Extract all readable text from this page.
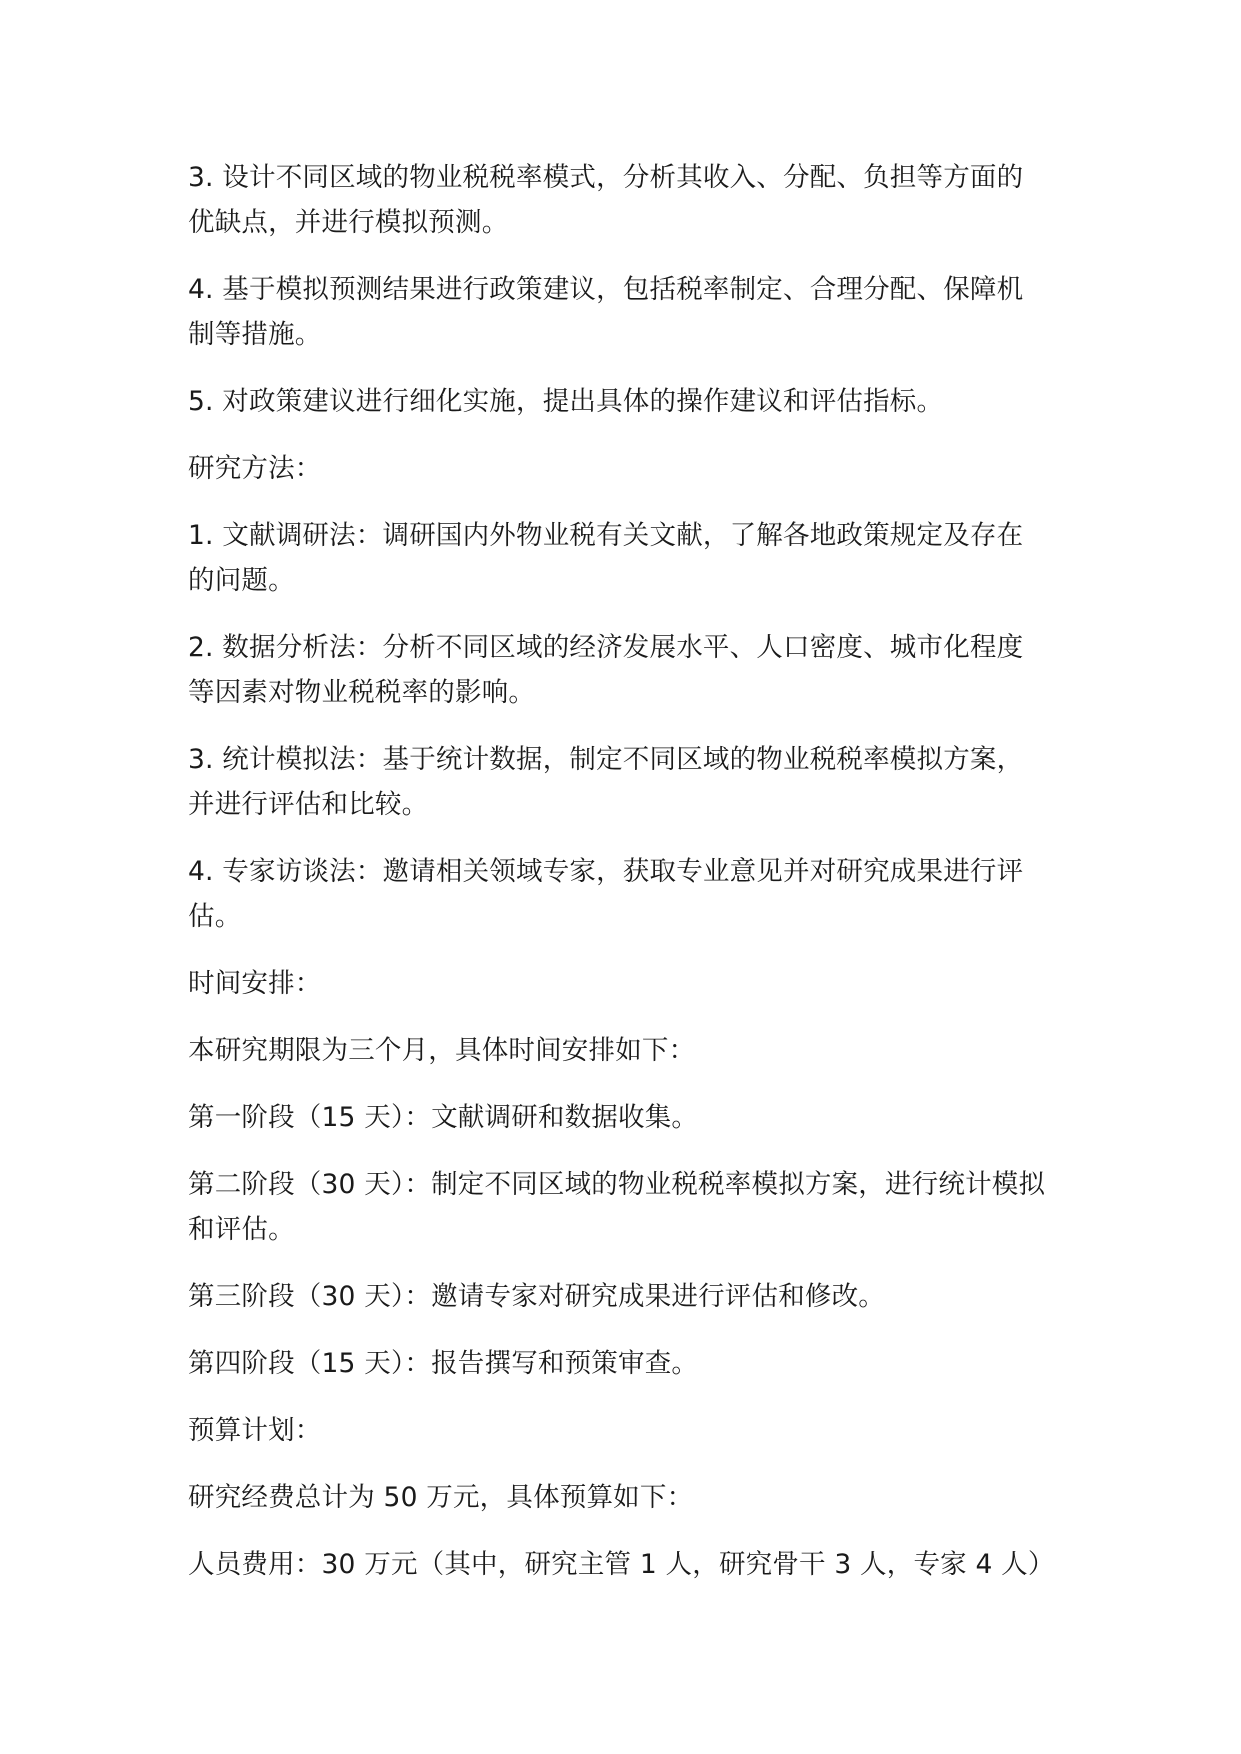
3. 设计不同区域的物业税税率模式，分析其收入、分配、负担等方面的优缺点，并进行模拟预测。

4. 基于模拟预测结果进行政策建议，包括税率制定、合理分配、保障机制等措施。

5. 对政策建议进行细化实施，提出具体的操作建议和评估指标。

研究方法：

1. 文献调研法：调研国内外物业税有关文献，了解各地政策规定及存在的问题。

2. 数据分析法：分析不同区域的经济发展水平、人口密度、城市化程度等因素对物业税税率的影响。

3. 统计模拟法：基于统计数据，制定不同区域的物业税税率模拟方案，并进行评估和比较。

4. 专家访谈法：邀请相关领域专家，获取专业意见并对研究成果进行评估。

时间安排：

本研究期限为三个月，具体时间安排如下：

第一阶段（15 天）：文献调研和数据收集。

第二阶段（30 天）：制定不同区域的物业税税率模拟方案，进行统计模拟和评估。

第三阶段（30 天）：邀请专家对研究成果进行评估和修改。

第四阶段（15 天）：报告撰写和预策审查。

预算计划：

研究经费总计为 50 万元，具体预算如下：

人员费用：30 万元（其中，研究主管 1 人，研究骨干 3 人，专家 4 人）
